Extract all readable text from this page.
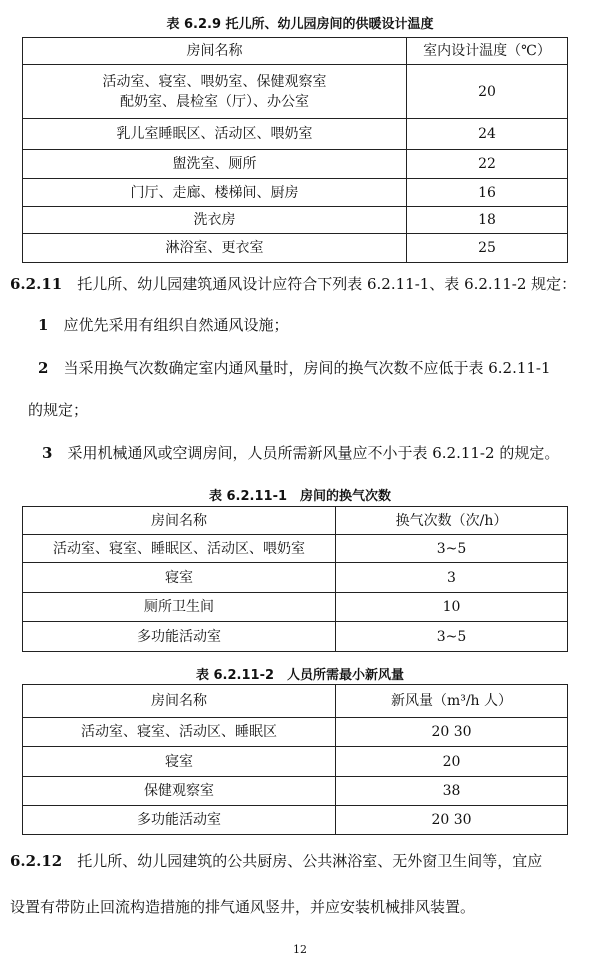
表 6.2.9 托儿所、幼儿园房间的供暖设计温度
房间名称	室内设计温度（℃）

活动室、寝室、喂奶室、保健观察室
配奶室、晨检室（厅）、办公室	20
乳儿室睡眠区、活动区、喂奶室	24
盥洗室、厕所	22
门厅、走廊、楼梯间、厨房	16
洗衣房	18
淋浴室、更衣室	25
6.2.11　 托儿所、幼儿园建筑通风设计应符合下列表 6.2.11-1、表 6.2.11-2 规定：
1　 应优先采用有组织自然通风设施；
2　 当采用换气次数确定室内通风量时，房间的换气次数不应低于表 6.2.11-1
的规定；
3　 采用机械通风或空调房间，人员所需新风量应不小于表 6.2.11-2 的规定。
表 6.2.11-1　房间的换气次数
房间名称	换气次数（次/h）
活动室、寝室、睡眠区、活动区、喂奶室	3~5
寝室	3
厕所卫生间	10
多功能活动室	3~5
表 6.2.11-2　人员所需最小新风量
房间名称	新风量（m³/h 人）
活动室、寝室、活动区、睡眠区	20 30
寝室	20
保健观察室	38
多功能活动室	20 30
6.2.12　 托儿所、幼儿园建筑的公共厨房、公共淋浴室、无外窗卫生间等，宜应
设置有带防止回流构造措施的排气通风竖井，并应安装机械排风装置。
12
